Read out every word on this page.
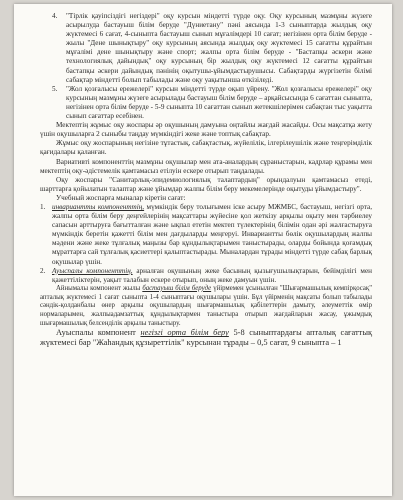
4. "Тірлік қауіпсіздігі негіздері" оқу курсын міндетті түрде оқу. Оқу курсының мазмұны жүзеге асырылуда бастауыш білім беруде "Дүниетану" пәні аясында 1-3 сыныптарда жылдық оқу жүктемесі 6 сағат, 4-сыныпта бастауыш сынып мұғалімдері 10 сағат; негізінен орта білім беруде - жылы "Дене шынықтыру" оқу курсының аясында жылдық оқу жүктемесі 15 сағатты құрайтын мұғалімі дене шынықтыру және спорт; жалпы орта білім беруде - "Бастапқы әскери және технологиялық дайындық" оқу курсының бір жылдық оқу жүктемесі 12 сағатты құрайтын бастапқы әскери дайындық пәнінің оқытушы-ұйымдастырушысы. Сабақтарды жүргізетін білімі сабақтар міндетті болып табылады және оқу уақытынша өткізіледі.

5. "Жол қозғалысы ережелері" курсын міндетті түрде оқып үйрену. "Жол қозғалысы ережелері" оқу курсының мазмұны жүзеге асырылады бастауыш білім беруде – арқайсысында 6 сағаттан сыныпта, негізінен орта білім беруде - 5-9 сыныпта 10 сағаттан сынып жетекшілерімен сабақтан тыс уақытта сынып сағаттар есебінен.

Мектептің жұмыс оқу жоспары әр оқушының дамуына оңтайлы жағдай жасайды. Осы мақсатқа жету үшін оқушыларға 2 сыныбы таңдау мүмкіндігі жеке және топтық сабақтар.

Жұмыс оқу жоспарының негізіне тұтастық, сабақтастық, жүйелілік, ілгерілеушілік және теңгерімділік қағидалары қаланған.

Вариативті компоненттің мазмұны оқушылар мен ата-аналардың сұраныстарын, кадрлар құрамы мен мектептің оқу-әдістемелік қамтамасыз етілуін ескере отырып таңдалады.

Оқу жоспары "Санитарлық-эпидемиологиялық талаптардың" орындалуын қамтамасыз етеді, шарттарға қойылатын талаптар және ұйымдар жалпы білім беру мекемелерінде оқытуды ұйымдастыру".

Учебный жоспарға мыналар кіретін сағат:

1. инвариантты компоненттің, мүмкіндік беру толығымен іске асыру МЖМБС, бастауыш, негізгі орта, жалпы орта білім беру деңгейлерінің мақсаттары жүйесіне қол жеткізу арқылы оқыту мен тәрбиелеу сапасын арттыруға бағытталған және ықпал ететін мектеп түлектерінің білімін одан әрі жалғастыруға мүмкіндік беретін қажетті білім мен дағдыларды меңгеруі. Инвариантты бөлік оқушылардың жалпы мәдени және жеке тұлғалық маңызы бар құндылықтарымен таныстырады, оларды бойында қоғамдық мұраттарға сай тұлғалық қасиеттері қалыптастырады. Мыналардан тұрады міндетті түрде сабақ барлық оқушылар үшін.

2. Ауыспалы компоненттің, арналған оқушының жеке басының қызығушылықтарын, бейімділігі мен қажеттіліктерін, уақыт талабын ескере отырып, оның жеке дамуын үшін.

Айнымалы компонент жылы бастауыш білім беруде үйірмемен ұсынылған "Шығармашылық кемпірқосақ" апталық жүктемесі 1 сағат сыныпта 1-4 сыныптағы оқушылары үшін. Бұл үйірменің мақсаты болып табылады сәндік-қолданбалы өнер арқылы оқушылардың шығармашылық қабілеттерін дамыту, әлеуметтік өмір нормаларымен, жалпыадамзаттық құндылықтармен таныстыра отырып жағдайларын жасау, ұжымдық шығармашылық белсенділік арқылы таныстыру.

Ауыспалы компонент негізгі орта білім беру 5-8 сыныптардағы апталық сағаттық жүктемесі бар "Жаһандық құзыреттілік" курсынан тұрады – 0,5 сағат, 9 сыныпта – 1
